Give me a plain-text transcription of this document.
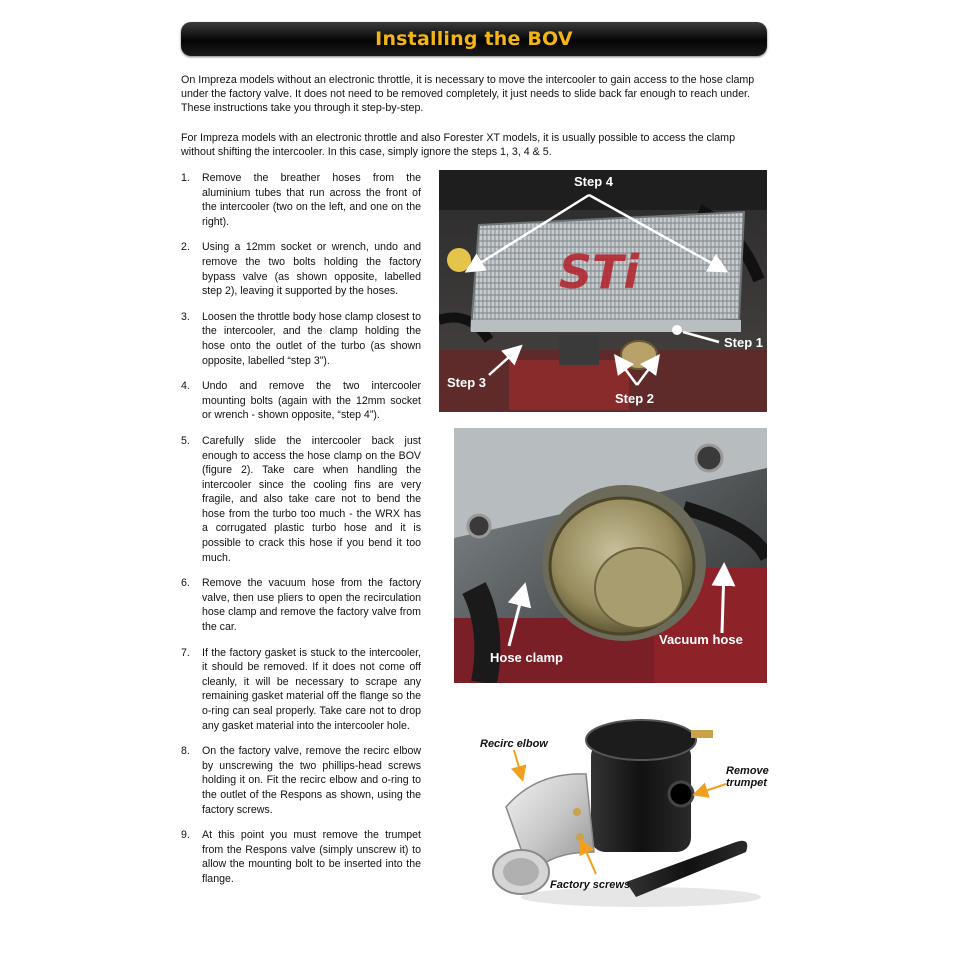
Installing the BOV

On Impreza models without an electronic throttle, it is necessary to move the intercooler to gain access to the hose clamp under the factory valve. It does not need to be removed completely, it just needs to slide back far enough to reach under. These instructions take you through it step-by-step.

For Impreza models with an electronic throttle and also Forester XT models, it is usually possible to access the clamp without shifting the intercooler. In this case, simply ignore the steps 1, 3, 4 & 5.

1.	Remove the breather hoses from the aluminium tubes that run across the front of the intercooler (two on the left, and one on the right).
2.	Using a 12mm socket or wrench, undo and remove the two bolts holding the factory bypass valve (as shown opposite, labelled step 2), leaving it supported by the hoses.
3.	Loosen the throttle body hose clamp closest to the intercooler, and the clamp holding the hose onto the outlet of the turbo (as shown opposite, labelled “step 3”).
4.	Undo and remove the two intercooler mounting bolts (again with the 12mm socket or wrench - shown opposite, “step 4”).
5.	Carefully slide the intercooler back just enough to access the hose clamp on the BOV (figure 2). Take care when handling the intercooler since the cooling fins are very fragile, and also take care not to bend the hose from the turbo too much - the WRX has a corrugated plastic turbo hose and it is possible to crack this hose if you bend it too much.
6.	Remove the vacuum hose from the factory valve, then use pliers to open the recirculation hose clamp and remove the factory valve from the car.
7.	If the factory gasket is stuck to the intercooler, it should be removed. If it does not come off cleanly, it will be necessary to scrape any remaining gasket material off the flange so the o-ring can seal properly. Take care not to drop any gasket material into the intercooler hole.
8.	On the factory valve, remove the recirc elbow by unscrewing the two phillips-head screws holding it on. Fit the recirc elbow and o-ring to the outlet of the Respons as shown, using the factory screws.
9.	At this point you must remove the trumpet from the Respons valve (simply unscrew it) to allow the mounting bolt to be inserted into the flange.
STi
Step 4
Step 1
Step 3
Step 2
Vacuum hose
Hose clamp
Recirc elbow
Remove
trumpet
Factory screws
